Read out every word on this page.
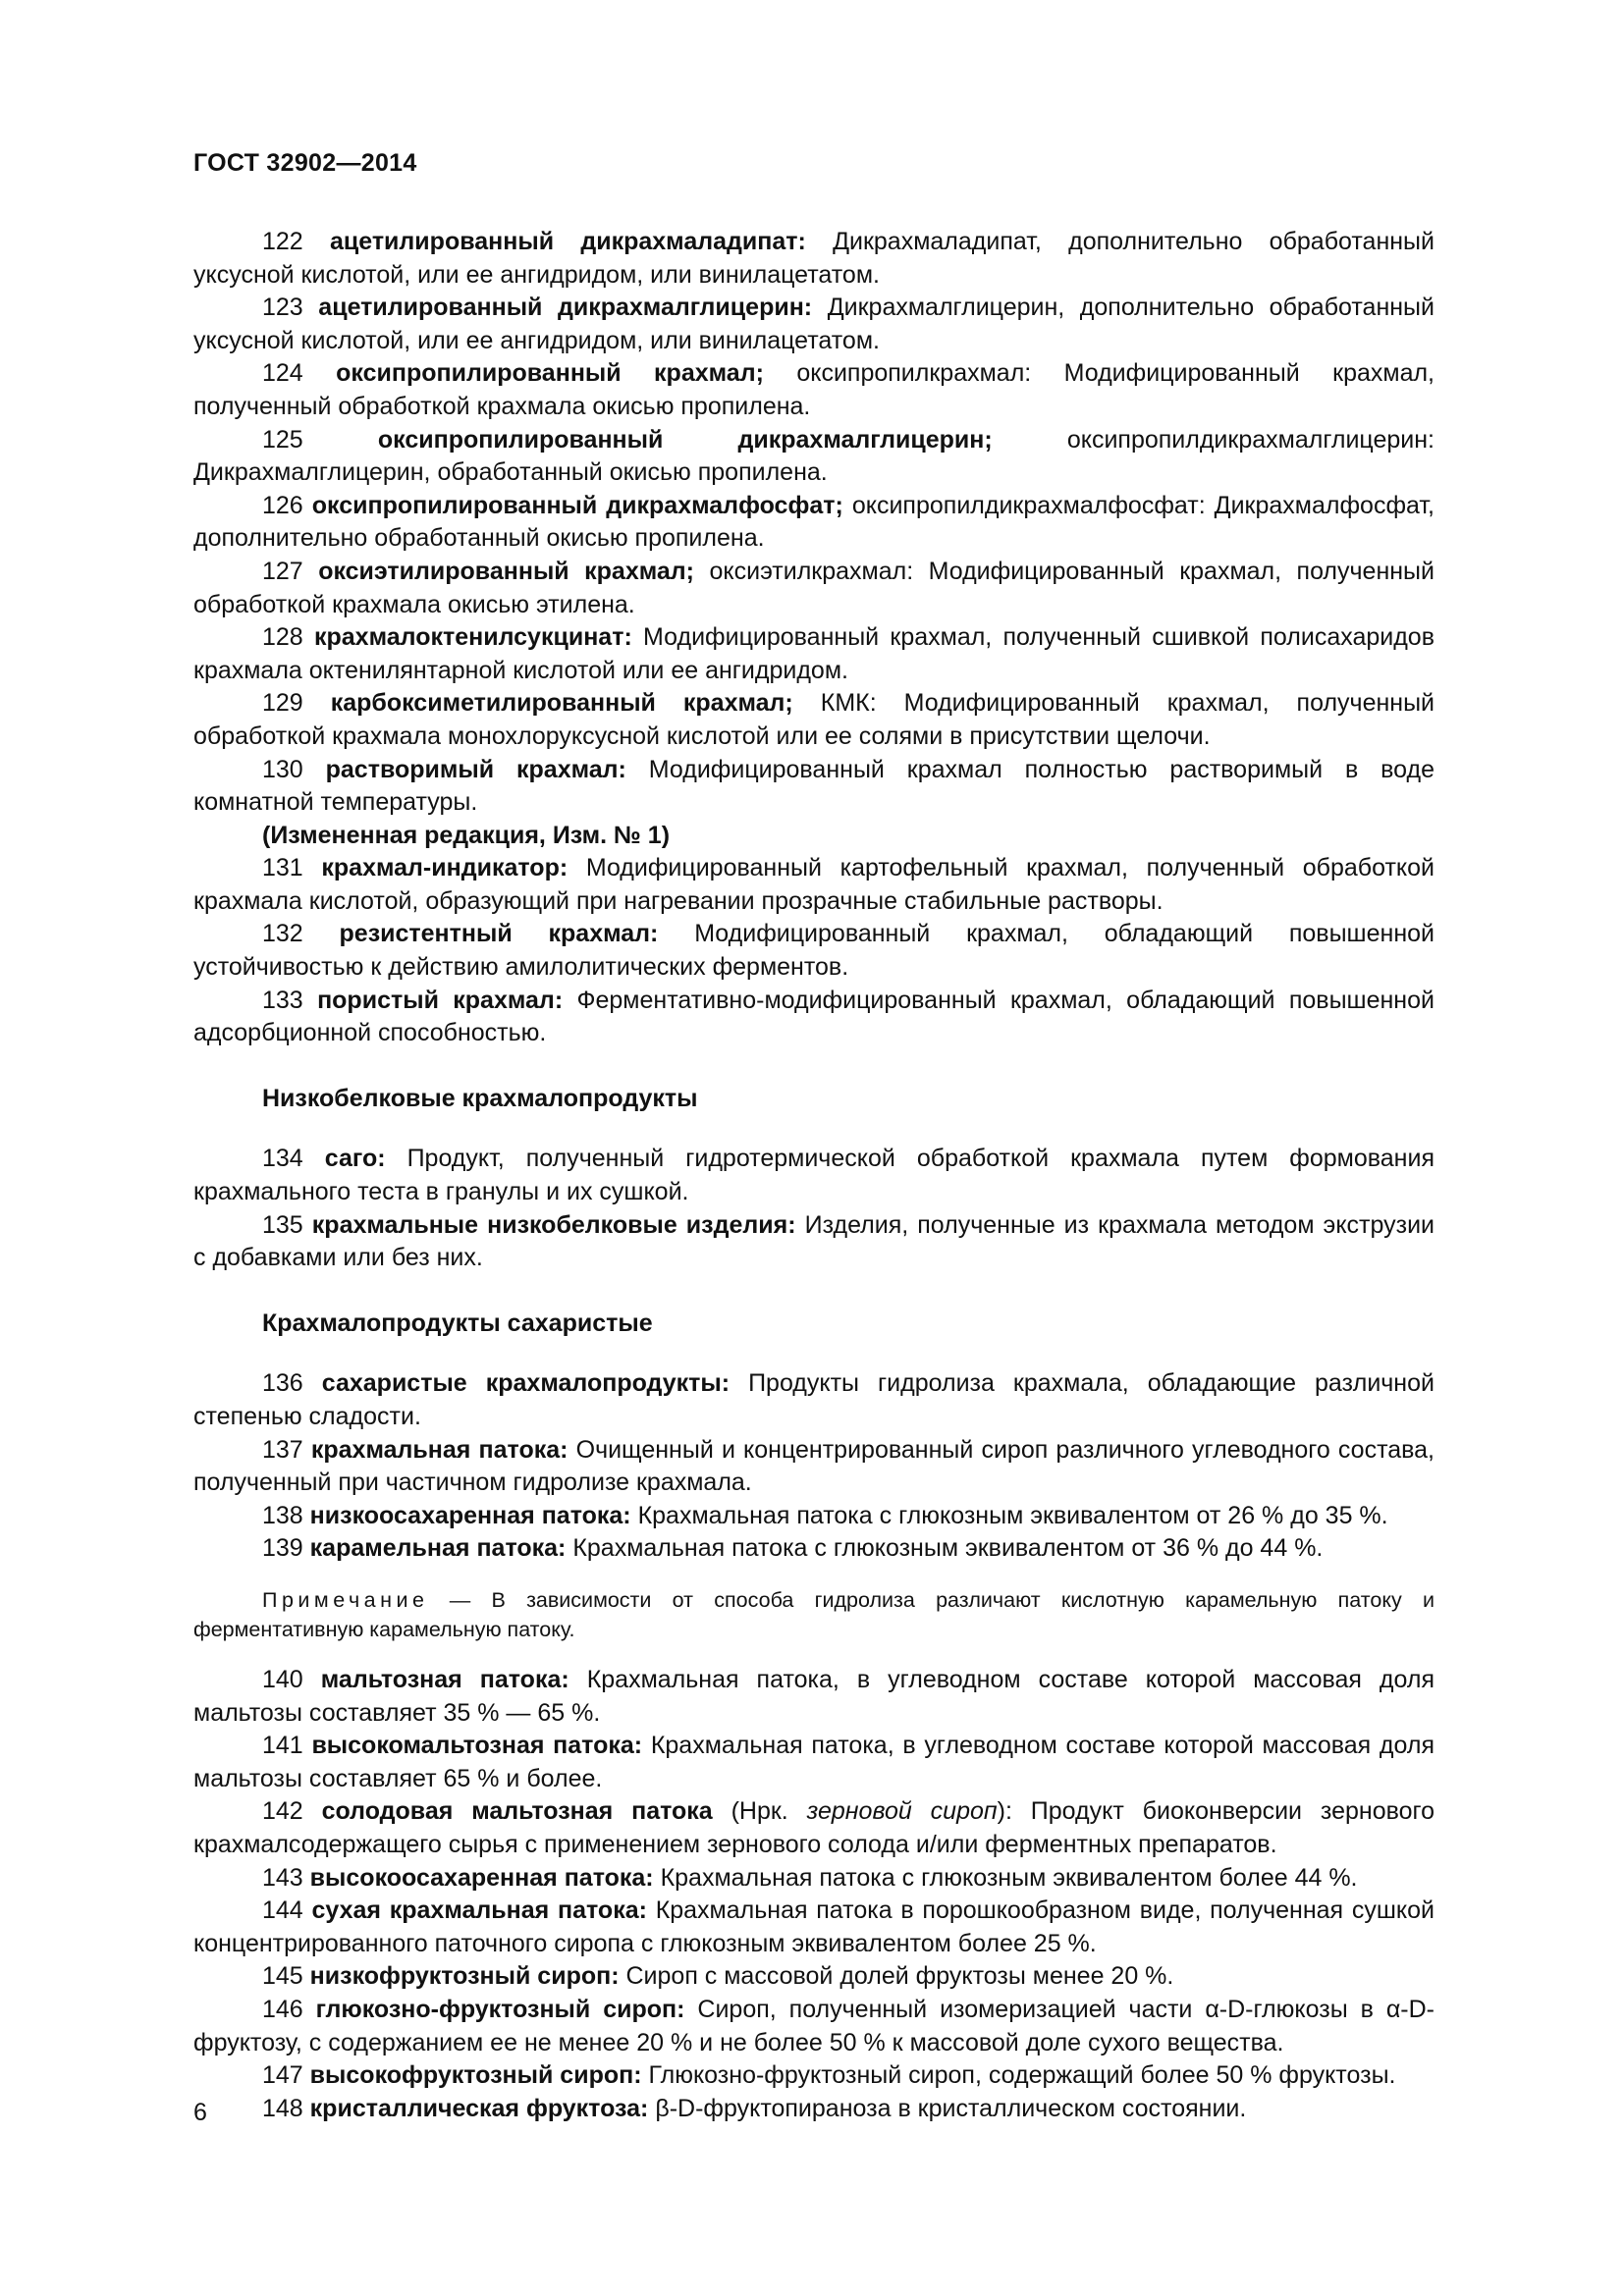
ГОСТ 32902—2014

122 ацетилированный дикрахмаладипат: Дикрахмаладипат, дополнительно обработанный уксусной кислотой, или ее ангидридом, или винилацетатом.

123 ацетилированный дикрахмалглицерин: Дикрахмалглицерин, дополнительно обработанный уксусной кислотой, или ее ангидридом, или винилацетатом.

124 оксипропилированный крахмал; оксипропилкрахмал: Модифицированный крахмал, полученный обработкой крахмала окисью пропилена.

125	оксипропилированный дикрахмалглицерин; оксипропилдикрахмалглицерин: Дикрахмалглицерин, обработанный окисью пропилена.

126 оксипропилированный дикрахмалфосфат; оксипропилдикрахмалфосфат: Дикрахмалфосфат, дополнительно обработанный окисью пропилена.

127 оксиэтилированный крахмал; оксиэтилкрахмал: Модифицированный крахмал, полученный обработкой крахмала окисью этилена.

128 крахмалоктенилсукцинат: Модифицированный крахмал, полученный сшивкой полисахаридов крахмала октенилянтарной кислотой или ее ангидридом.

129 карбоксиметилированный крахмал; КМК: Модифицированный крахмал, полученный обработкой крахмала монохлоруксусной кислотой или ее солями в присутствии щелочи.

130 растворимый крахмал: Модифицированный крахмал полностью растворимый в воде комнатной температуры.

(Измененная редакция, Изм. № 1)

131 крахмал-индикатор: Модифицированный картофельный крахмал, полученный обработкой крахмала кислотой, образующий при нагревании прозрачные стабильные растворы.

132 резистентный крахмал: Модифицированный крахмал, обладающий повышенной устойчивостью к действию амилолитических ферментов.

133 пористый крахмал: Ферментативно-модифицированный крахмал, обладающий повышенной адсорбционной способностью.

Низкобелковые крахмалопродукты

134 саго: Продукт, полученный гидротермической обработкой крахмала путем формования крахмального теста в гранулы и их сушкой.

135 крахмальные низкобелковые изделия: Изделия, полученные из крахмала методом экструзии с добавками или без них.

Крахмалопродукты сахаристые

136 сахаристые крахмалопродукты: Продукты гидролиза крахмала, обладающие различной степенью сладости.

137 крахмальная патока: Очищенный и концентрированный сироп различного углеводного состава, полученный при частичном гидролизе крахмала.

138 низкоосахаренная патока: Крахмальная патока с глюкозным эквивалентом от 26 % до 35 %.

139 карамельная патока: Крахмальная патока с глюкозным эквивалентом от 36 % до 44 %.

Примечание — В зависимости от способа гидролиза различают кислотную карамельную патоку и ферментативную карамельную патоку.

140 мальтозная патока: Крахмальная патока, в углеводном составе которой массовая доля мальтозы составляет 35 % — 65 %.

141 высокомальтозная патока: Крахмальная патока, в углеводном составе которой массовая доля мальтозы составляет 65 % и более.

142 солодовая мальтозная патока (Нрк. зерновой сироп): Продукт биоконверсии зернового крахмалсодержащего сырья с применением зернового солода и/или ферментных препаратов.

143 высокоосахаренная патока: Крахмальная патока с глюкозным эквивалентом более 44 %.

144 сухая крахмальная патока: Крахмальная патока в порошкообразном виде, полученная сушкой концентрированного паточного сиропа с глюкозным эквивалентом более 25 %.

145 низкофруктозный сироп: Сироп с массовой долей фруктозы менее 20 %.

146 глюкозно-фруктозный сироп: Сироп, полученный изомеризацией части α-D-глюкозы в α-D-фруктозу, с содержанием ее не менее 20 % и не более 50 % к массовой доле сухого вещества.

147 высокофруктозный сироп: Глюкозно-фруктозный сироп, содержащий более 50 % фруктозы.

148 кристаллическая фруктоза: β-D-фруктопираноза в кристаллическом состоянии.

6
